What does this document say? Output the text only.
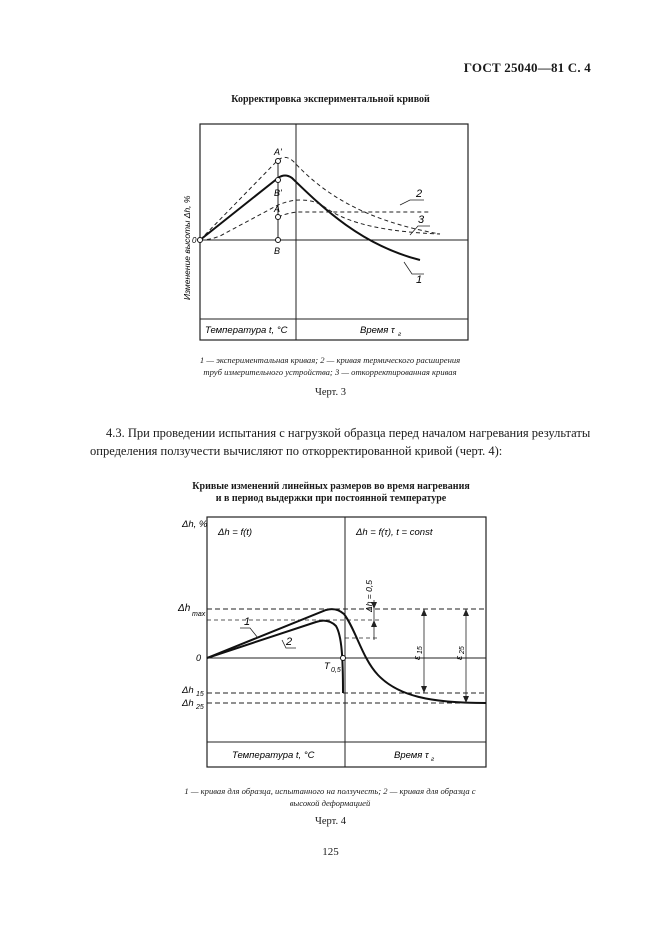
ГОСТ 25040—81 С. 4
Корректировка экспериментальной кривой
A'
B'
A
B
0
2
3
1
Изменение высоты Δh, %
Температура t, °C	Время τ г
1 — экспериментальная кривая; 2 — кривая термического расширения
труб измерительного устройства; 3 — откорректированная кривая
Черт. 3
4.3. При проведении испытания с нагрузкой образца перед началом нагревания результаты
определения ползучести вычисляют по откорректированной кривой (черт. 4):
Кривые изменений линейных размеров во время нагревания
и в период выдержки при постоянной температуре
Δh, %
Δh = f(t)	Δh = f(τ), t = const
Δh
max
Δh = 0,5
0
Δh 15
Δh 25
T 0,5
ε
15
ε
25
1
2
Температура t, °C	Время τ г
1 — кривая для образца, испытанного на ползучесть; 2 — кривая для образца с
высокой деформацией
Черт. 4
125
